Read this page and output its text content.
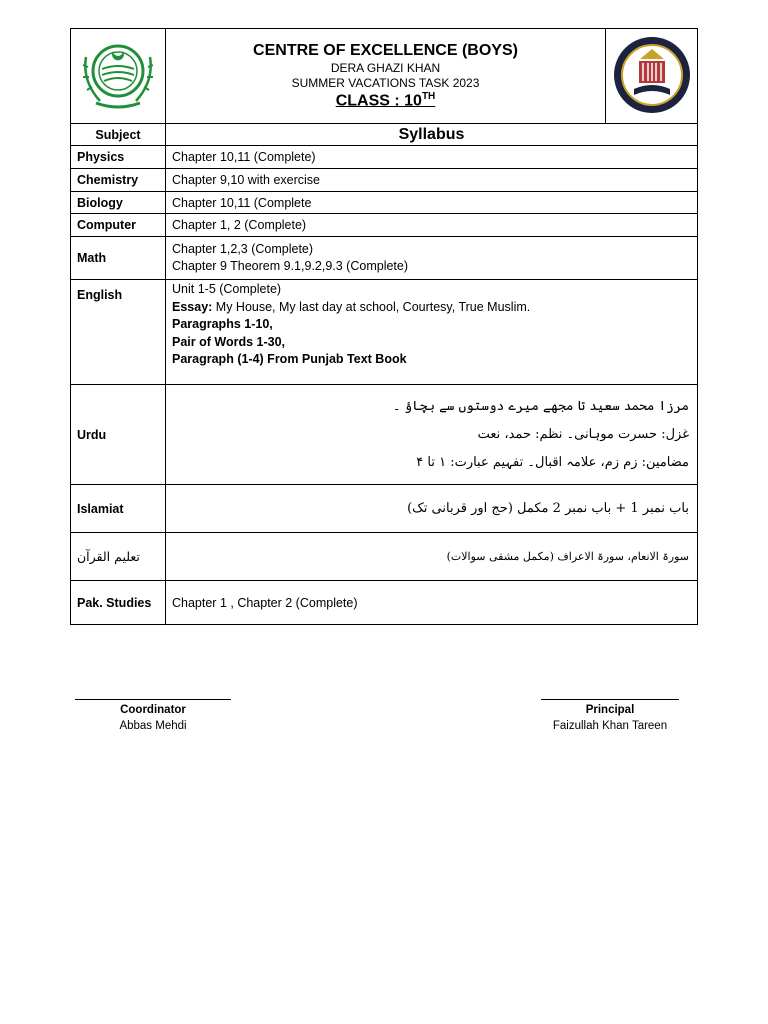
CENTRE OF EXCELLENCE (BOYS)
DERA GHAZI KHAN
SUMMER VACATIONS TASK 2023
CLASS : 10TH

Subject	Syllabus	
Physics	Chapter 10,11 (Complete)	
Chemistry	Chapter 9,10 with exercise	
Biology	Chapter 10,11 (Complete	
Computer	Chapter 1, 2 (Complete)	
Math	Chapter 1,2,3 (Complete)
Chapter 9 Theorem 9.1,9.2,9.3 (Complete)	

English	Unit 1-5 (Complete)
Essay: My House, My last day at school, Courtesy, True Muslim.
Paragraphs 1-10,
Pair of Words 1-30,
Paragraph (1-4) From Punjab Text Book	

Urdu	مرزا محمد سعید تا مجھے میرے دوستوں سے بچاؤ ۔
غزل: حسرت موہانی۔ نظم: حمد، نعت
مضامین: زم زم، علامہ اقبال۔ تفہیم عبارت: ۱ تا ۴	

Islamiat	باب نمبر 1 + باب نمبر 2 مکمل (حج اور قربانی تک)	

تعلیم القرآن	سورۃ الانعام، سورۃ الاعراف (مکمل مشقی سوالات)	

Pak. Studies	Chapter 1 , Chapter 2 (Complete)	
Coordinator
Abbas Mehdi
Principal
Faizullah Khan Tareen
